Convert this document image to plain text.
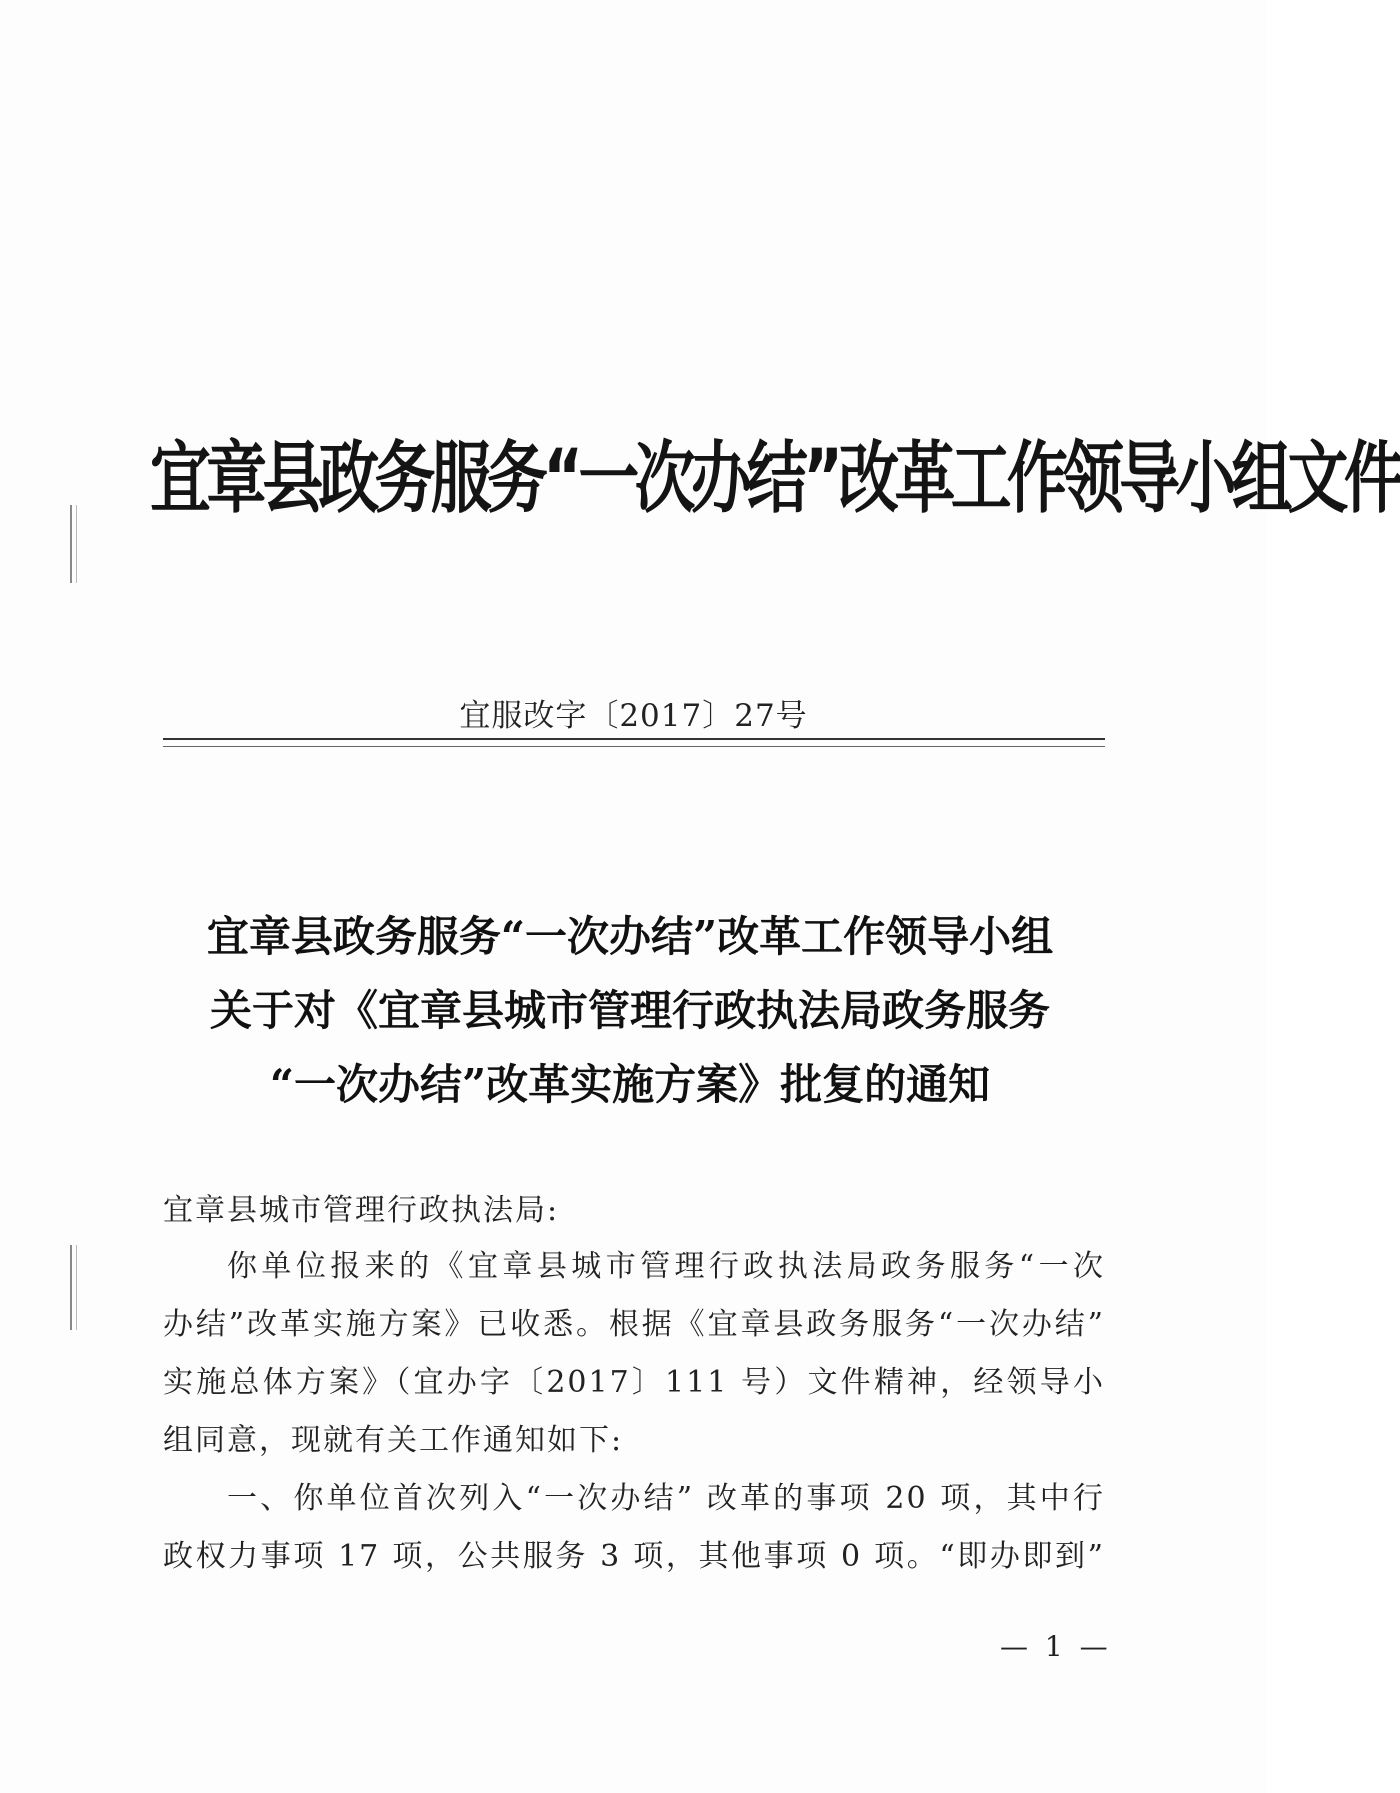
宜章县政务服务“一次办结”改革工作领导小组文件
宜服改字〔2017〕27号
宜章县政务服务“一次办结”改革工作领导小组
关于对《宜章县城市管理行政执法局政务服务
“一次办结”改革实施方案》批复的通知
宜章县城市管理行政执法局:
你单位报来的《宜章县城市管理行政执法局政务服务“一次
办结”改革实施方案》已收悉。根据《宜章县政务服务“一次办结”
实施总体方案》（宜办字〔2017〕111 号）文件精神，经领导小
组同意，现就有关工作通知如下:
一、你单位首次列入“一次办结” 改革的事项 20 项，其中行
政权力事项 17 项，公共服务 3 项，其他事项 0 项。“即办即到”
— 1 —
